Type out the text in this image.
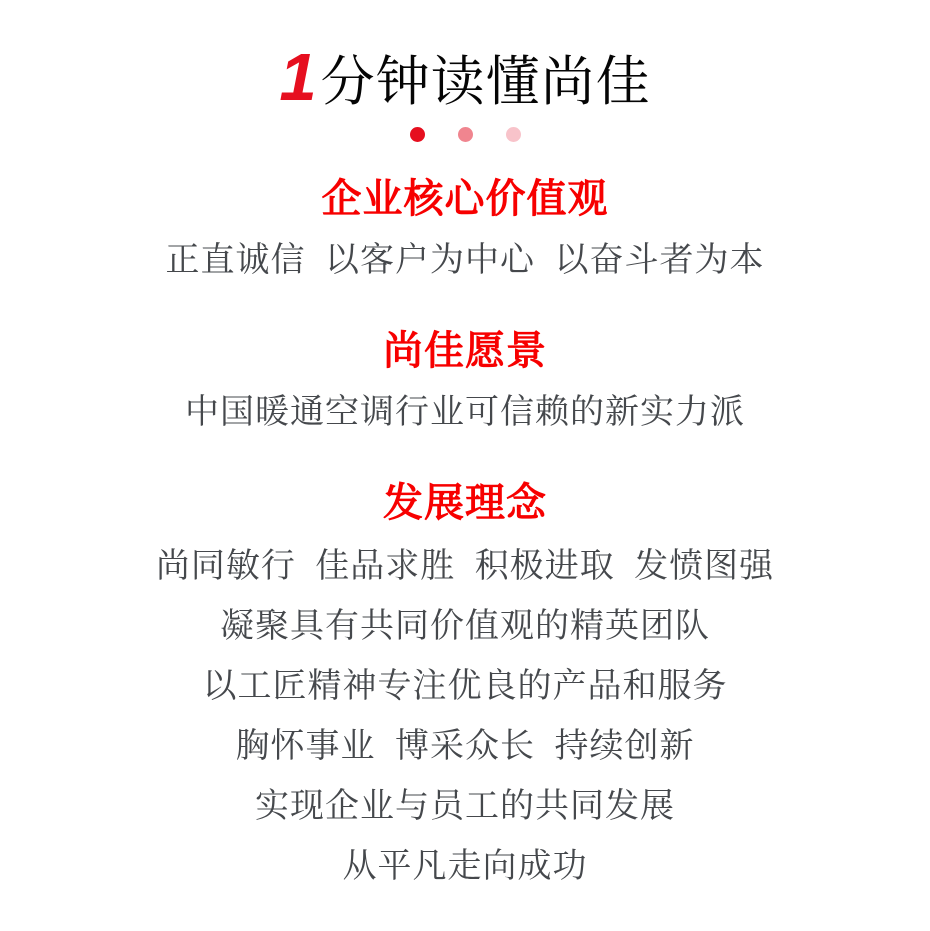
1 分钟读懂尚佳
企业核心价值观

正直诚信 以客户为中心 以奋斗者为本

尚佳愿景

中国暖通空调行业可信赖的新实力派

发展理念

尚同敏行 佳品求胜 积极进取 发愤图强

凝聚具有共同价值观的精英团队

以工匠精神专注优良的产品和服务

胸怀事业 博采众长 持续创新

实现企业与员工的共同发展

从平凡走向成功
